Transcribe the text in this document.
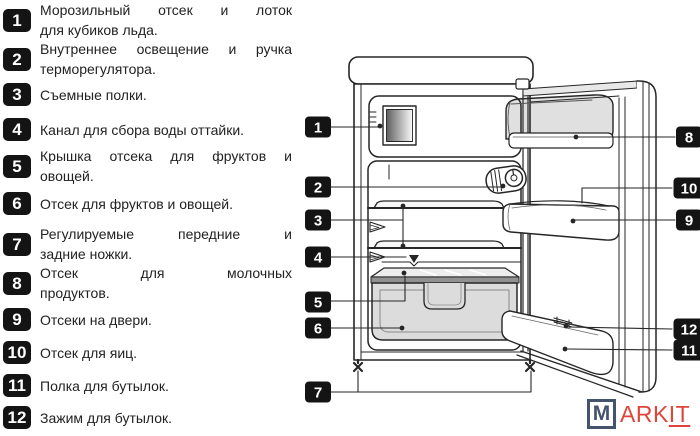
1
Морозильный отсек и лоток
для кубиков льда.
2
Внутреннее освещение и ручка
терморегулятора.
3	Съемные полки.
4	Канал для сбора воды оттайки.
5
Крышка отсека для фруктов и
овощей.
6	Отсек для фруктов и овощей.
7
Регулируемые передние и
задние ножки.
8
Отсек для молочных
продуктов.
9	Отсеки на двери.
10 Отсек для яиц.
11	Полка для бутылок.
12 Зажим для бутылок.
1
2
3
4
5
6
7
8
10
9
12
11
M ARKIT
